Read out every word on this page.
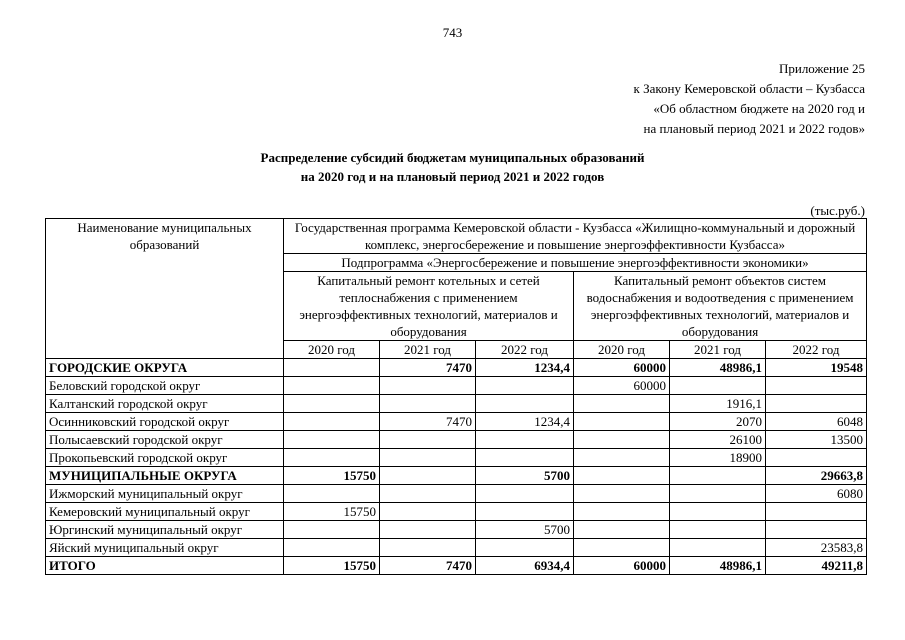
743
Приложение 25
к Закону Кемеровской области – Кузбасса
«Об областном бюджете на 2020 год и
на плановый период 2021 и 2022 годов»
Распределение субсидий бюджетам муниципальных образований
на 2020 год и на плановый период 2021 и 2022 годов
(тыс.руб.)
Наименование муниципальных образований	Государственная программа Кемеровской области - Кузбасса «Жилищно-коммунальный и дорожный комплекс, энергосбережение и повышение энергоэффективности Кузбасса»					
	Подпрограмма «Энергосбережение и повышение энергоэффективности экономики»					
	Капитальный ремонт котельных и сетей теплоснабжения с применением энергоэффективных технологий, материалов и оборудования			Капитальный ремонт объектов систем водоснабжения и водоотведения с применением энергоэффективных технологий, материалов и оборудования		
	2020 год	2021 год	2022 год	2020 год	2021 год	2022 год
ГОРОДСКИЕ ОКРУГА		7470	1234,4	60000	48986,1	19548
Беловский городской округ				60000		
Калтанский городской округ					1916,1	
Осинниковский городской округ		7470	1234,4		2070	6048
Полысаевский городской округ					26100	13500
Прокопьевский городской округ					18900	
МУНИЦИПАЛЬНЫЕ ОКРУГА	15750		5700			29663,8
Ижморский муниципальный округ						6080
Кемеровский муниципальный округ	15750					
Юргинский муниципальный округ			5700			
Яйский муниципальный округ						23583,8
ИТОГО	15750	7470	6934,4	60000	48986,1	49211,8
